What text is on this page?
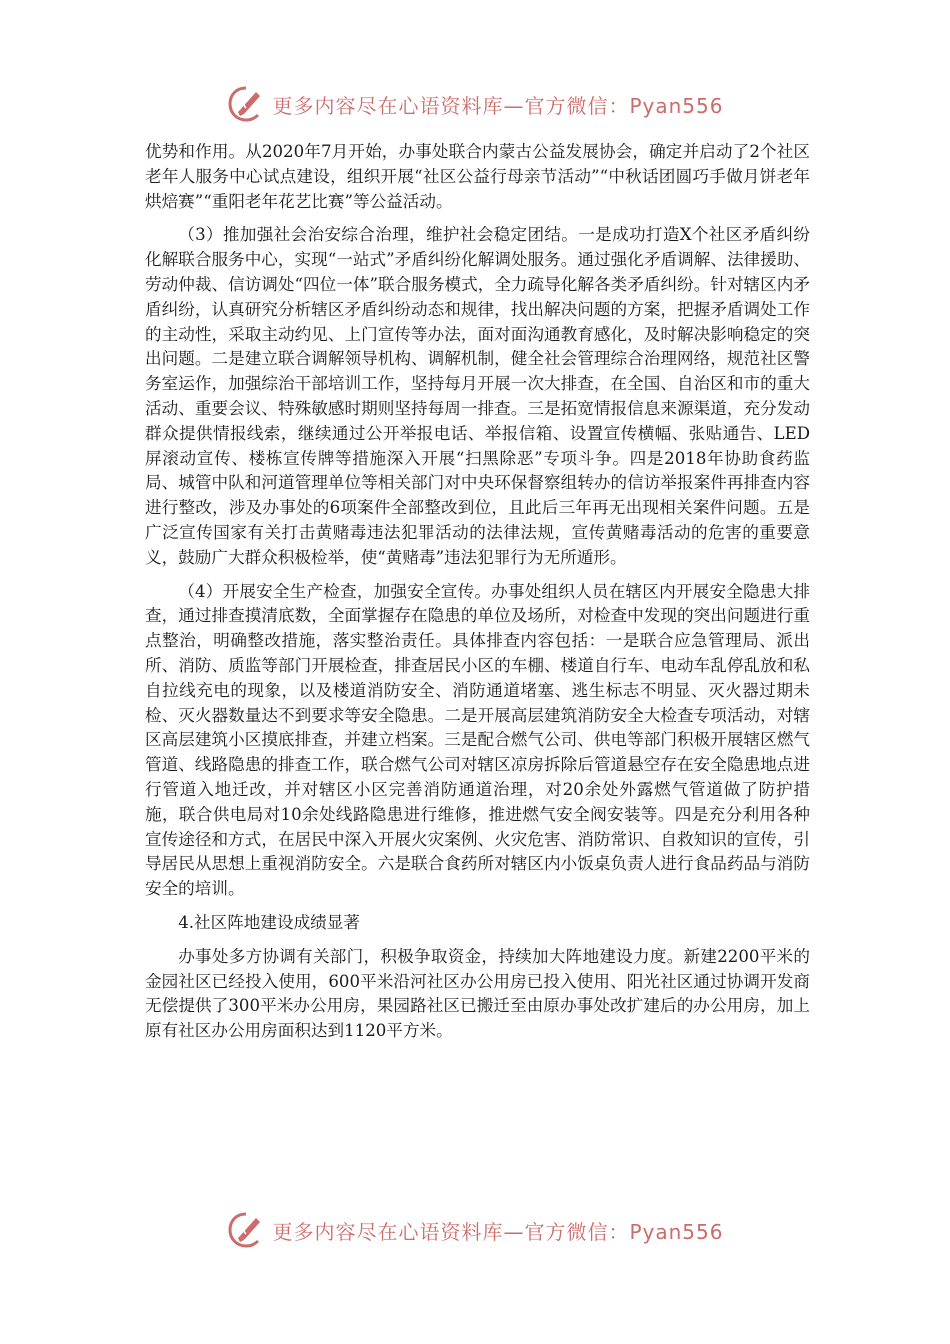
更多内容尽在心语资料库—官方微信：Pyan556

优势和作用。从2020年7月开始，办事处联合内蒙古公益发展协会，确定并启动了2个社区老年人服务中心试点建设，组织开展“社区公益行母亲节活动”“中秋话团圆巧手做月饼老年烘焙赛”“重阳老年花艺比赛”等公益活动。

（3）推加强社会治安综合治理，维护社会稳定团结。一是成功打造X个社区矛盾纠纷化解联合服务中心，实现“一站式”矛盾纠纷化解调处服务。通过强化矛盾调解、法律援助、劳动仲裁、信访调处“四位一体”联合服务模式，全力疏导化解各类矛盾纠纷。针对辖区内矛盾纠纷，认真研究分析辖区矛盾纠纷动态和规律，找出解决问题的方案，把握矛盾调处工作的主动性，采取主动约见、上门宣传等办法，面对面沟通教育感化，及时解决影响稳定的突出问题。二是建立联合调解领导机构、调解机制，健全社会管理综合治理网络，规范社区警务室运作，加强综治干部培训工作，坚持每月开展一次大排查，在全国、自治区和市的重大活动、重要会议、特殊敏感时期则坚持每周一排查。三是拓宽情报信息来源渠道，充分发动群众提供情报线索，继续通过公开举报电话、举报信箱、设置宣传横幅、张贴通告、LED屏滚动宣传、楼栋宣传牌等措施深入开展“扫黑除恶”专项斗争。四是2018年协助食药监局、城管中队和河道管理单位等相关部门对中央环保督察组转办的信访举报案件再排查内容进行整改，涉及办事处的6项案件全部整改到位，且此后三年再无出现相关案件问题。五是广泛宣传国家有关打击黄赌毒违法犯罪活动的法律法规，宣传黄赌毒活动的危害的重要意义，鼓励广大群众积极检举，使“黄赌毒”违法犯罪行为无所遁形。

（4）开展安全生产检查，加强安全宣传。办事处组织人员在辖区内开展安全隐患大排查，通过排查摸清底数，全面掌握存在隐患的单位及场所，对检查中发现的突出问题进行重点整治，明确整改措施，落实整治责任。具体排查内容包括：一是联合应急管理局、派出所、消防、质监等部门开展检查，排查居民小区的车棚、楼道自行车、电动车乱停乱放和私自拉线充电的现象，以及楼道消防安全、消防通道堵塞、逃生标志不明显、灭火器过期未检、灭火器数量达不到要求等安全隐患。二是开展高层建筑消防安全大检查专项活动，对辖区高层建筑小区摸底排查，并建立档案。三是配合燃气公司、供电等部门积极开展辖区燃气管道、线路隐患的排查工作，联合燃气公司对辖区凉房拆除后管道悬空存在安全隐患地点进行管道入地迁改，并对辖区小区完善消防通道治理，对20余处外露燃气管道做了防护措施，联合供电局对10余处线路隐患进行维修，推进燃气安全阀安装等。四是充分利用各种宣传途径和方式，在居民中深入开展火灾案例、火灾危害、消防常识、自救知识的宣传，引导居民从思想上重视消防安全。六是联合食药所对辖区内小饭桌负责人进行食品药品与消防安全的培训。

4.社区阵地建设成绩显著

办事处多方协调有关部门，积极争取资金，持续加大阵地建设力度。新建2200平米的金园社区已经投入使用，600平米沿河社区办公用房已投入使用、阳光社区通过协调开发商无偿提供了300平米办公用房，果园路社区已搬迁至由原办事处改扩建后的办公用房，加上原有社区办公用房面积达到1120平方米。

更多内容尽在心语资料库—官方微信：Pyan556
